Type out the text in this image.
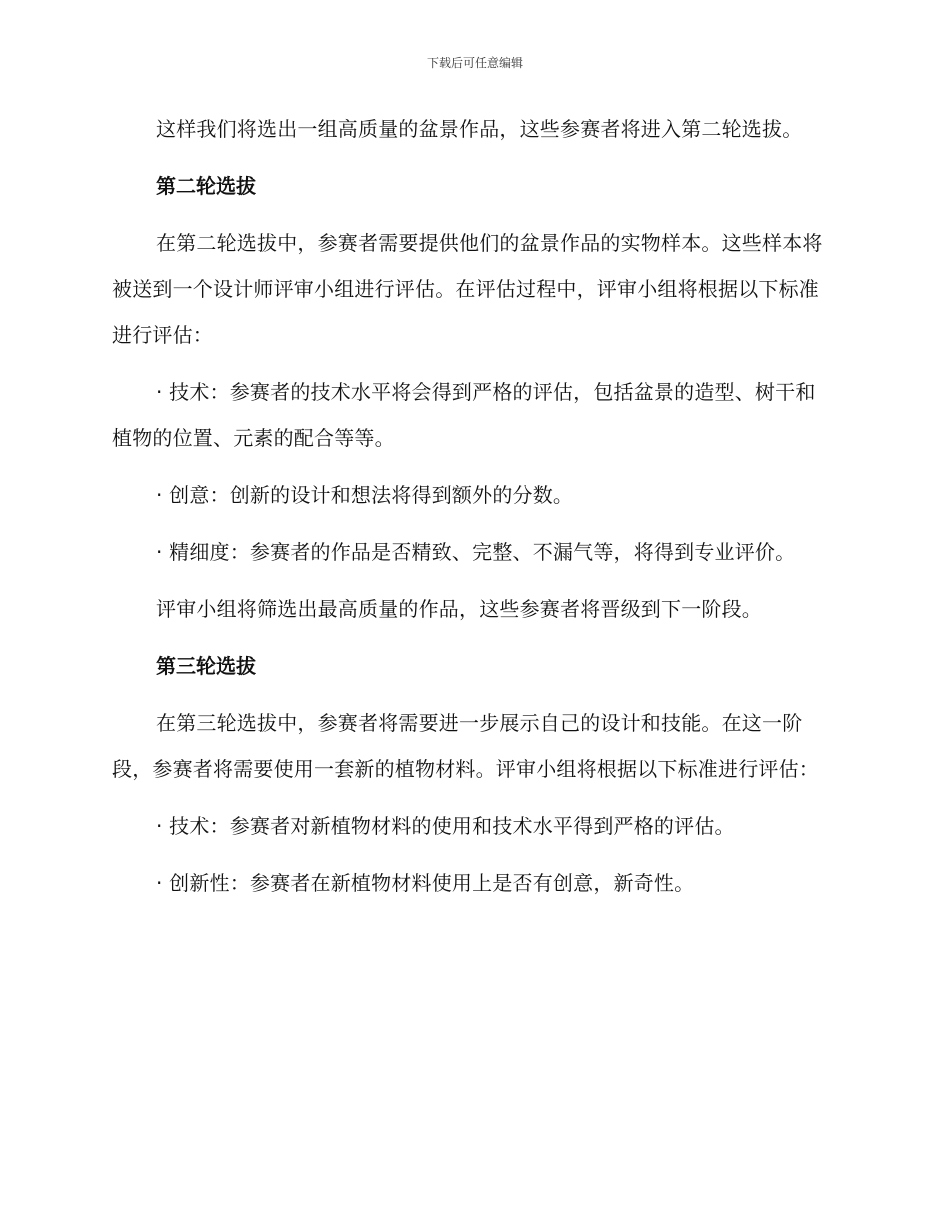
下载后可任意编辑

这样我们将选出一组高质量的盆景作品，这些参赛者将进入第二轮选拔。

第二轮选拔

在第二轮选拔中，参赛者需要提供他们的盆景作品的实物样本。这些样本将被送到一个设计师评审小组进行评估。在评估过程中，评审小组将根据以下标准进行评估：

· 技术：参赛者的技术水平将会得到严格的评估，包括盆景的造型、树干和植物的位置、元素的配合等等。

· 创意：创新的设计和想法将得到额外的分数。

· 精细度：参赛者的作品是否精致、完整、不漏气等，将得到专业评价。

评审小组将筛选出最高质量的作品，这些参赛者将晋级到下一阶段。

第三轮选拔

在第三轮选拔中，参赛者将需要进一步展示自己的设计和技能。在这一阶段，参赛者将需要使用一套新的植物材料。评审小组将根据以下标准进行评估：

· 技术：参赛者对新植物材料的使用和技术水平得到严格的评估。

· 创新性：参赛者在新植物材料使用上是否有创意，新奇性。
